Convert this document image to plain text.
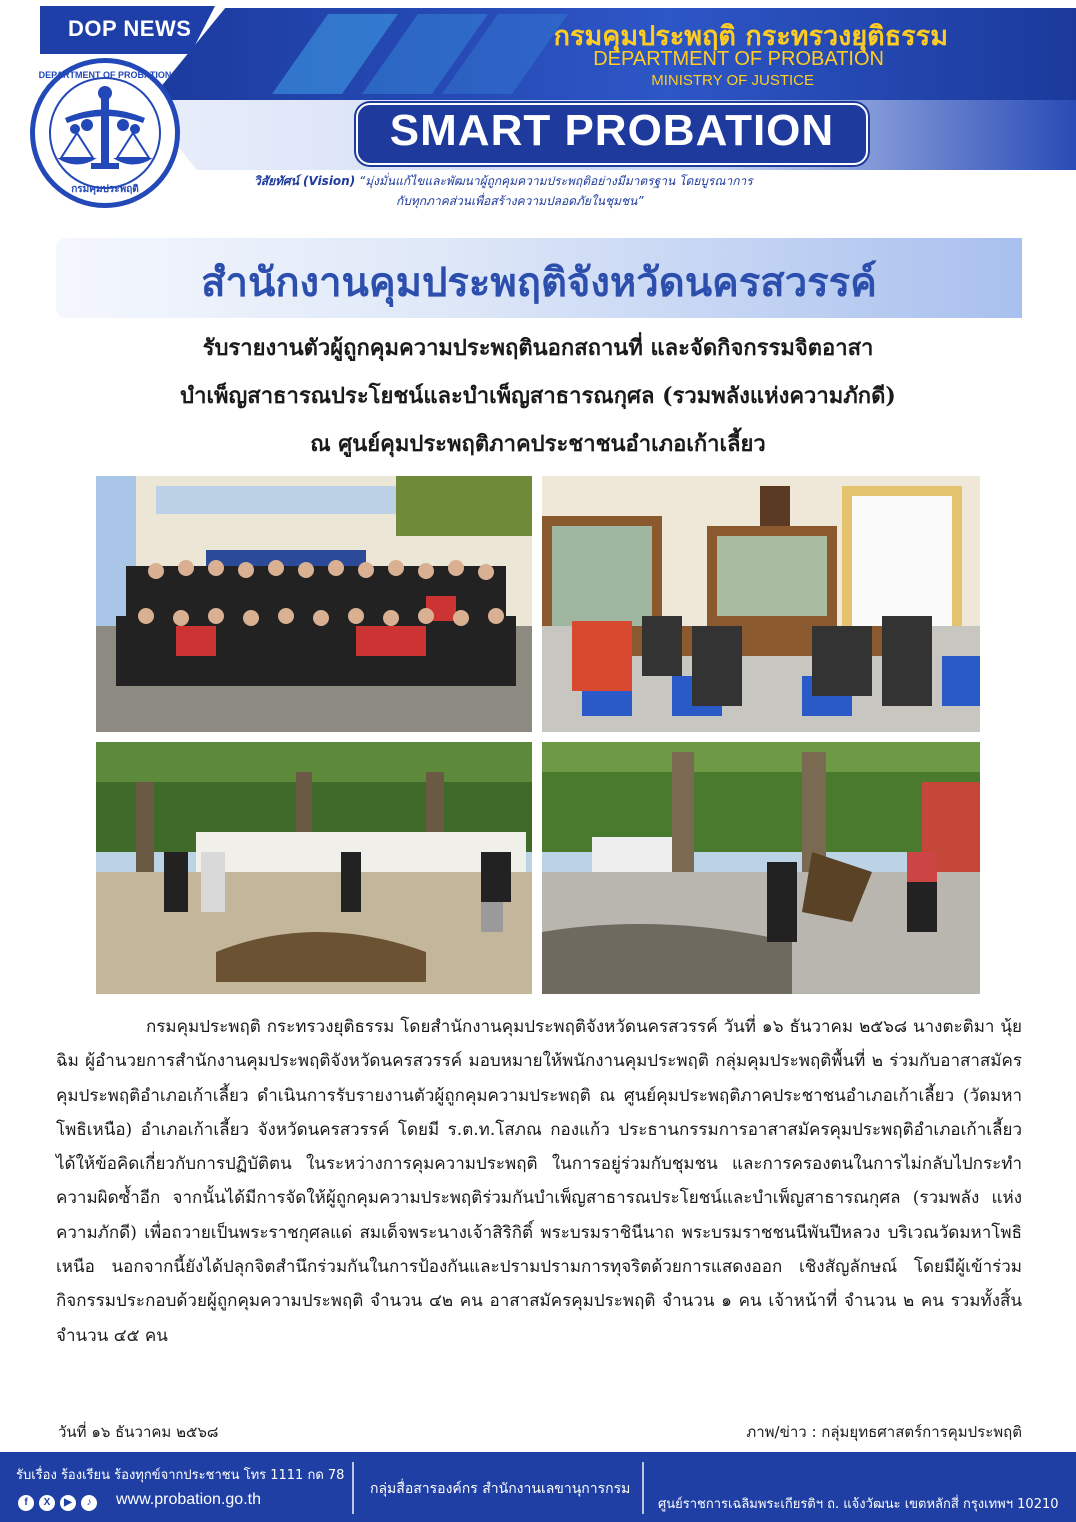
DOP NEWS
DEPARTMENT OF PROBATION
กรมคุมประพฤติ
กรมคุมประพฤติ กระทรวงยุติธรรม
DEPARTMENT OF PROBATION
MINISTRY OF JUSTICE
SMART PROBATION
วิสัยทัศน์ (Vision) “มุ่งมั่นแก้ไขและพัฒนาผู้ถูกคุมความประพฤติอย่างมีมาตรฐาน โดยบูรณาการ
กับทุกภาคส่วนเพื่อสร้างความปลอดภัยในชุมชน”
สำนักงานคุมประพฤติจังหวัดนครสวรรค์
รับรายงานตัวผู้ถูกคุมความประพฤตินอกสถานที่ และจัดกิจกรรมจิตอาสา
บำเพ็ญสาธารณประโยชน์และบำเพ็ญสาธารณกุศล (รวมพลังแห่งความภักดี)
ณ ศูนย์คุมประพฤติภาคประชาชนอำเภอเก้าเลี้ยว

กรมคุมประพฤติ กระทรวงยุติธรรม โดยสำนักงานคุมประพฤติจังหวัดนครสวรรค์ วันที่ ๑๖ ธันวาคม ๒๕๖๘ นางตะติมา นุ้ยฉิม ผู้อำนวยการสำนักงานคุมประพฤติจังหวัดนครสวรรค์ มอบหมายให้พนักงานคุมประพฤติ กลุ่มคุมประพฤติพื้นที่ ๒ ร่วมกับอาสาสมัครคุมประพฤติอำเภอเก้าเลี้ยว ดำเนินการรับรายงานตัวผู้ถูกคุมความประพฤติ ณ ศูนย์คุมประพฤติภาคประชาชนอำเภอเก้าเลี้ยว (วัดมหาโพธิเหนือ) อำเภอเก้าเลี้ยว จังหวัดนครสวรรค์ โดยมี ร.ต.ท.โสภณ กองแก้ว ประธานกรรมการอาสาสมัครคุมประพฤติอำเภอเก้าเลี้ยว ได้ให้ข้อคิดเกี่ยวกับการปฏิบัติตน ในระหว่างการคุมความประพฤติ ในการอยู่ร่วมกับชุมชน และการครองตนในการไม่กลับไปกระทำความผิดซ้ำอีก จากนั้นได้มีการจัดให้ผู้ถูกคุมความประพฤติร่วมกันบำเพ็ญสาธารณประโยชน์และบำเพ็ญสาธารณกุศล (รวมพลัง แห่งความภักดี) เพื่อถวายเป็นพระราชกุศลแด่ สมเด็จพระนางเจ้าสิริกิติ์ พระบรมราชินีนาถ พระบรมราชชนนีพันปีหลวง บริเวณวัดมหาโพธิเหนือ นอกจากนี้ยังได้ปลุกจิตสำนึกร่วมกันในการป้องกันและปรามปรามการทุจริตด้วยการแสดงออก เชิงสัญลักษณ์ โดยมีผู้เข้าร่วมกิจกรรมประกอบด้วยผู้ถูกคุมความประพฤติ จำนวน ๔๒ คน อาสาสมัครคุมประพฤติ จำนวน ๑ คน เจ้าหน้าที่ จำนวน ๒ คน รวมทั้งสิ้น จำนวน ๔๕ คน

วันที่ ๑๖ ธันวาคม ๒๕๖๘	ภาพ/ข่าว : กลุ่มยุทธศาสตร์การคุมประพฤติ
รับเรื่อง ร้องเรียน ร้องทุกข์จากประชาชน โทร 1111 กด 78
f X ▶ ♪	www.probation.go.th
กลุ่มสื่อสารองค์กร สำนักงานเลขานุการกรม
ศูนย์ราชการเฉลิมพระเกียรติฯ ถ. แจ้งวัฒนะ เขตหลักสี่ กรุงเทพฯ 10210
